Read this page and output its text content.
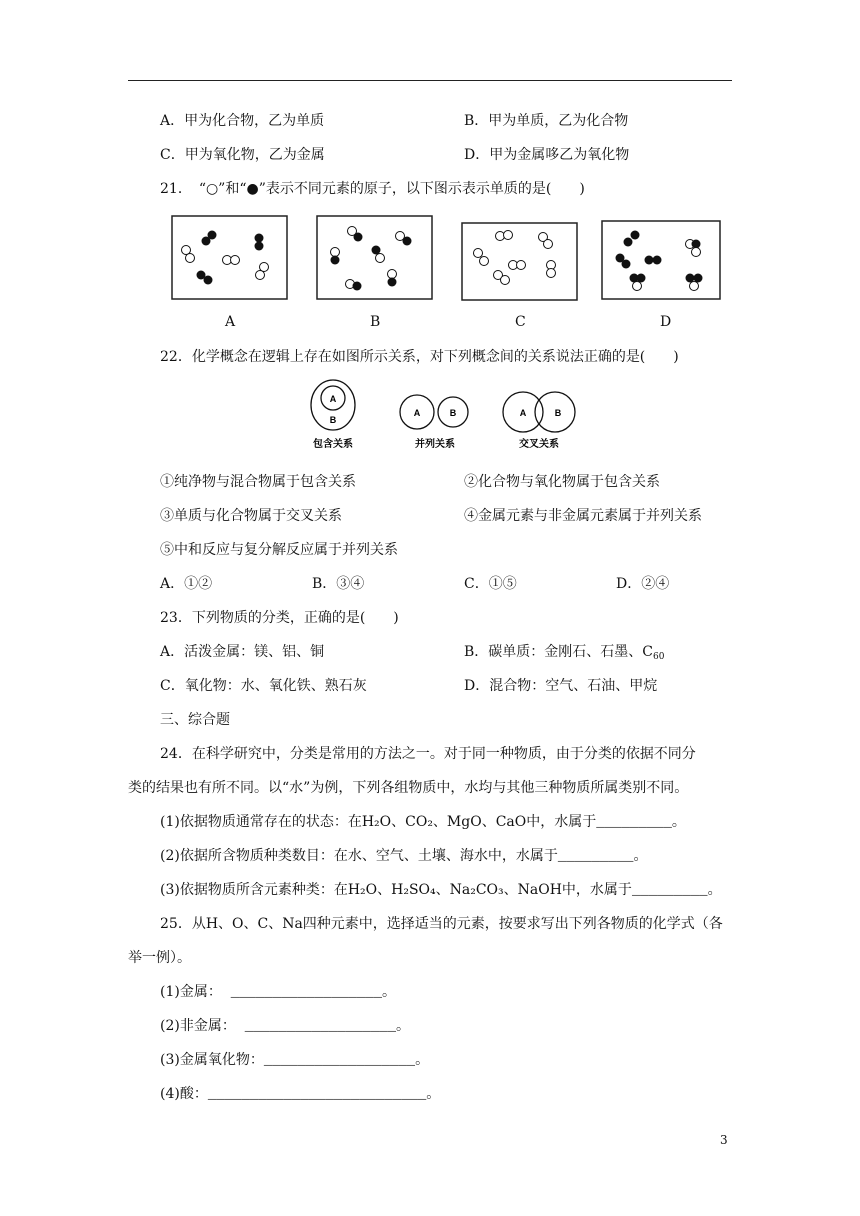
A．甲为化合物，乙为单质	B．甲为单质，乙为化合物
C．甲为氧化物，乙为金属	D．甲为金属哆乙为氧化物
21．　“○”和“●”表示不同元素的原子，以下图示表示单质的是(　　)
A	B	C	D
22．化学概念在逻辑上存在如图所示关系，对下列概念间的关系说法正确的是(　　)
A
B
包含关系
A	B
并列关系
A	B
交叉关系
①纯净物与混合物属于包含关系	②化合物与氧化物属于包含关系
③单质与化合物属于交叉关系	④金属元素与非金属元素属于并列关系
⑤中和反应与复分解反应属于并列关系
A．①②	B．③④	C．①⑤	D．②④
23．下列物质的分类，正确的是(　　)
A．活泼金属：镁、铝、铜	B．碳单质：金刚石、石墨、$C_{60}$
C．氧化物：水、氧化铁、熟石灰	D．混合物：空气、石油、甲烷
三、综合题
24．在科学研究中，分类是常用的方法之一。对于同一种物质，由于分类的依据不同分
类的结果也有所不同。以“水”为例，下列各组物质中，水均与其他三种物质所属类别不同。
(1)依据物质通常存在的状态：在H₂O、CO₂、MgO、CaO中，水属于_________。
(2)依据所含物质种类数目：在水、空气、土壤、海水中，水属于_________。
(3)依据物质所含元素种类：在H₂O、H₂SO₄、Na₂CO₃、NaOH中，水属于_________。
25．从H、O、C、Na四种元素中，选择适当的元素，按要求写出下列各物质的化学式（各
举一例）。
(1)金属： __________________。
(2)非金属： __________________。
(3)金属氧化物：__________________。
(4)酸：__________________________。
3
